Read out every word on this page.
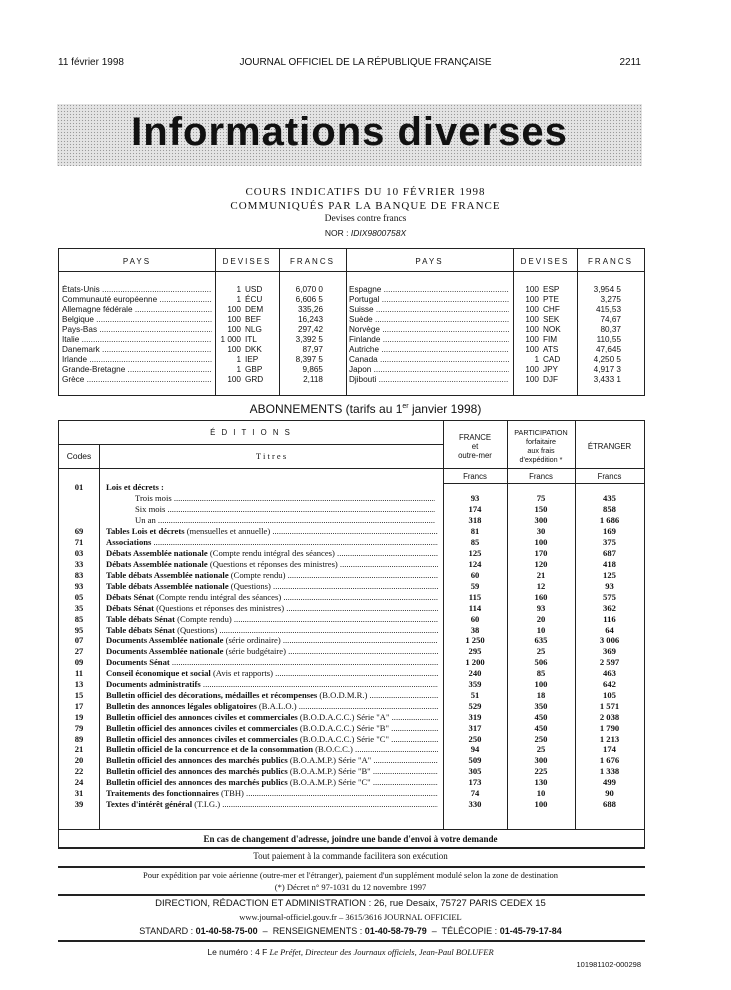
11 février 1998	JOURNAL OFFICIEL DE LA RÉPUBLIQUE FRANÇAISE	2211
Informations diverses
COURS INDICATIFS DU 10 FÉVRIER 1998
COMMUNIQUÉS PAR LA BANQUE DE FRANCE
Devises contre francs
NOR : IDIX9800758X
PAYS	DEVISES	FRANCS	PAYS	DEVISES	FRANCS
États-Unis .....	1 USD	6,070 0
Communauté européenne .....	1 ÉCU	6,606 5
Allemagne fédérale .....	100 DEM	335,26
Belgique .....	100 BEF	16,243
Pays-Bas .....	100 NLG	297,42
Italie .....	1 000 ITL	3,392 5
Danemark .....	100 DKK	87,97
Irlande .....	1 IEP	8,397 5
Grande-Bretagne .....	1 GBP	9,865
Grèce .....	100 GRD	2,118
Espagne .....	100 ESP	3,954 5
Portugal .....	100 PTE	3,275
Suisse .....	100 CHF	415,53
Suède .....	100 SEK	74,67
Norvège .....	100 NOK	80,37
Finlande .....	100 FIM	110,55
Autriche .....	100 ATS	47,645
Canada .....	1 CAD	4,250 5
Japon .....	100 JPY	4,917 3
Djibouti .....	100 DJF	3,433 1
ABONNEMENTS (tarifs au 1er janvier 1998)
É D I T I O N S
Codes	T i t r e s
FRANCE
et
outre-mer
PARTICIPATION
forfaitaire
aux frais
d'expédition *
ÉTRANGER
Francs	Francs	Francs
01	Lois et décrets :
Trois mois .....	93	75	435
Six mois .....	174	150	858
Un an .....	318	300	1 686
69	Tables Lois et décrets (mensuelles et annuelle) .....	81	30	169
71	Associations .....	85	100	375
03	Débats Assemblée nationale (Compte rendu intégral des séances) .....	125	170	687
33	Débats Assemblée nationale (Questions et réponses des ministres) .....	124	120	418
83	Table débats Assemblée nationale (Compte rendu) .....	60	21	125
93	Table débats Assemblée nationale (Questions) .....	59	12	93
05	Débats Sénat (Compte rendu intégral des séances) .....	115	160	575
35	Débats Sénat (Questions et réponses des ministres) .....	114	93	362
85	Table débats Sénat (Compte rendu) .....	60	20	116
95	Table débats Sénat (Questions) .....	38	10	64
07	Documents Assemblée nationale (série ordinaire) .....	1 250	635	3 006
27	Documents Assemblée nationale (série budgétaire) .....	295	25	369
09	Documents Sénat .....	1 200	506	2 597
11	Conseil économique et social (Avis et rapports) .....	240	85	463
13	Documents administratifs .....	359	100	642
15	Bulletin officiel des décorations, médailles et récompenses (B.O.D.M.R.) .....	51	18	105
17	Bulletin des annonces légales obligatoires (B.A.L.O.) .....	529	350	1 571
19	Bulletin officiel des annonces civiles et commerciales (B.O.D.A.C.C.) Série "A" .....	319	450	2 038
79	Bulletin officiel des annonces civiles et commerciales (B.O.D.A.C.C.) Série "B" .....	317	450	1 790
89	Bulletin officiel des annonces civiles et commerciales (B.O.D.A.C.C.) Série "C" .....	250	250	1 213
21	Bulletin officiel de la concurrence et de la consommation (B.O.C.C.) .....	94	25	174
20	Bulletin officiel des annonces des marchés publics (B.O.A.M.P.) Série "A" .....	509	300	1 676
22	Bulletin officiel des annonces des marchés publics (B.O.A.M.P.) Série "B" .....	305	225	1 338
24	Bulletin officiel des annonces des marchés publics (B.O.A.M.P.) Série "C" .....	173	130	499
31	Traitements des fonctionnaires (TBH) .....	74	10	90
39	Textes d'intérêt général (T.I.G.) .....	330	100	688
En cas de changement d'adresse, joindre une bande d'envoi à votre demande
Tout paiement à la commande facilitera son exécution
Pour expédition par voie aérienne (outre-mer et l'étranger), paiement d'un supplément modulé selon la zone de destination
(*) Décret n° 97-1031 du 12 novembre 1997
DIRECTION, RÉDACTION ET ADMINISTRATION : 26, rue Desaix, 75727 PARIS CEDEX 15
www.journal-officiel.gouv.fr – 3615/3616 JOURNAL OFFICIEL
STANDARD : 01-40-58-75-00  –  RENSEIGNEMENTS : 01-40-58-79-79  –  TÉLÉCOPIE : 01-45-79-17-84
Le numéro : 4 F Le Préfet, Directeur des Journaux officiels, Jean-Paul BOLUFER
101981102-000298
